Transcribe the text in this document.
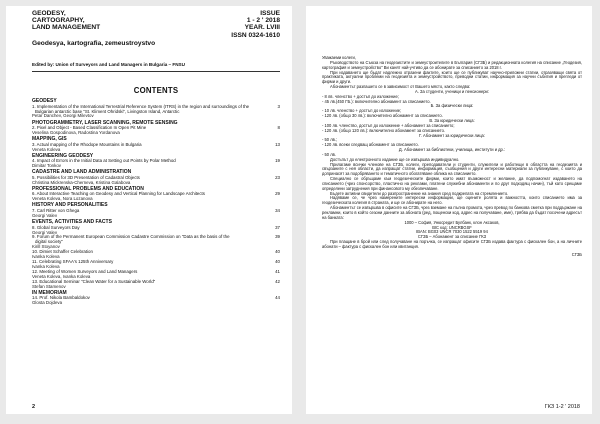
GEODESY,
CARTOGRAPHY,
LAND MANAGEMENT
Geodesya, kartografia, zemeustroystvo
ISSUE
1 - 2 ' 2018
YEAR. LVIII
ISSN 0324-1610
Edited by: Union of Surveyors and Land Managers in Bulgaria – FNSU
CONTENTS
GEODESY
1. Implementation of the International Terrestrial Reference System (ITRS) in the region and surroundings of the
Bulgarian antarctic base "St. Kliment Ohridski", Livingston Island, Antarctic
Petar Danchev, Georgi Milevtov
3
PHOTOGRAMMETRY, LASER SCANNING, REMOTE SENSING
2. Pixel and Object - Based Classification In Open Pit Mine
Veselina Gospodinova, Radostina Yordanova
8
MAPPING, GIS
3. Actual mapping of the Rhodope Mountains in Bulgaria
Veneta Koleva
13
ENGINEERING GEODESY
4. Impact of Errors in the Initial Data at Setting out Points by Polar Method
Dimitar Tonkov
19
CADASTRE AND LAND ADMINISTRATION
5. Possibilities for 3D Presentation of Cadastral Objects
Christina Mickrenska-Cherneva, Kristina Galabova
23
PROFESSIONAL PROBLEMS AND EDUCATION
6. About Interactive Teaching on Geodesy and Vertical Planning for Landscape Architects
Veneta Koleva, Nora Lozanova
29
HISTORY AND PERSONALITIES
7. Carl Ritter von Ghega
Georgi Valev
34
EVENTS, ACTIVITIES AND FACTS
8. Global Surveyors Day
Georgi Valev
37
9. Forum of the Permanent European Commission Cadastre Commission on "Data as the basis of the
digital society"
Kirill Stoyanov
39
10. Dimiet Schaffer Celebration
Ivanka Koleva
40
11. Celebrating SFAA's 125th Anniversary
Ivanka Koleva
40
12. Meeting of Women Surveyors and Land Managers
Veneta Koleva, Ivanka Koleva
41
13. Educational Seminar "Clean Water for a Sustainable World"
Stefan Stamenov
42
IN MEMORIAM
14. Prof. Nikola Bambaldokov
Glosta Dojdeva
44
2

Уважаеми колеги,

Ръководството на Съюза на геодезистите и земеустроителите в България (СГЗБ) и редакционната колегия на списание „Геодезия, картография и земеустройство" Ви канят най-учтиво да се абонирате за списанието за 2018 г.

При издаването ще бъдат надлежно отразени фактите, които ще се публикуват научно-приложни статии, отразяващи свята от практиката, актуални проблеми на геодезията и земеустройството, преводни статии, информация за научни събития и прегледи от фирми и други.

Абонаментът разпашето се в зависимост от Вашето място, както следва:

А. За студенти, ученици и пенсионери:

- 8 лв. членство + достъп до изложение;

- 45 лв.(450 ГБ.): включително абонамент за списанието.

Б. За физически лица:

- 10 лв. членство + достъп до изложение;

- 120 лв. (общо 30 лв.): включително абонамент за списанието.

В. За юридически лица:

- 100 лв. членство, достъп до изложение + абонамент за списанието;

- 120 лв. (общо 120 лв.): включително абонамент за списанието.

Г. Абонамент за юридически лица:

- 50 лв.;

- 120 лв. всеки следващ абонамент за списанието.

Д. Абонамент за библиотеки, училища, институти и др.:

- 50 лв.

Достъпът до електронното издание ще се извършва индивидуално.

Прилагаме всички членове на СГЗБ, колеги, преподаватели и студенти, служители и работещи в областта на геодезията и свързаните с нея области, да изпращат статии, информация, съобщения и други интересни материали за публикуване, с които да допринасят за подобряването и тематичното обогатяване облика на списанието.

Специално се обръщаме към геодезическите фирми, които имат възможност и желание, да подпомогнат издаването на списанието (чрез спонсорство, пластично на реклами, платени служебни абонаменти и по друг подходящ начин), тъй като срещаме определени затруднения при финансовото му обезпечаване.

Бъдете активни свидетели до разпространение на знания сред подкрепата на стремлението.

Надяваме се, че чрез намерените интересни информации, ще оцените ролята и важността, които списанието има за геодезическата колегия в страната, и ще се абонирате на него.

Абонаментът се извършва в офисите на СГЗБ, чрез вземане на пълна промота, чрез превод по банкова сметка при поддържане на рекламни, които в който сезони данните за абоната (ред, пощенски код, адрес на получаване, име), трябва да бъдат посочени адресът на банката:

1000 – София, Унюсредит Булбанк, клон Аксаков,

BIC код: UNCRBGSF

IBAN: BG03 UNCR 7030 1522 5519 94

СГЗБ – Абонамент за списание ГКЗ

При плащане в брой или след получаване на поръчка, се изпращат офисите СГЗБ издава фактура с фискален бон, а на личните абонати – фактура с фискален бон или квитанция.

СГЗБ

ГКЗ 1-2 ' 2018
